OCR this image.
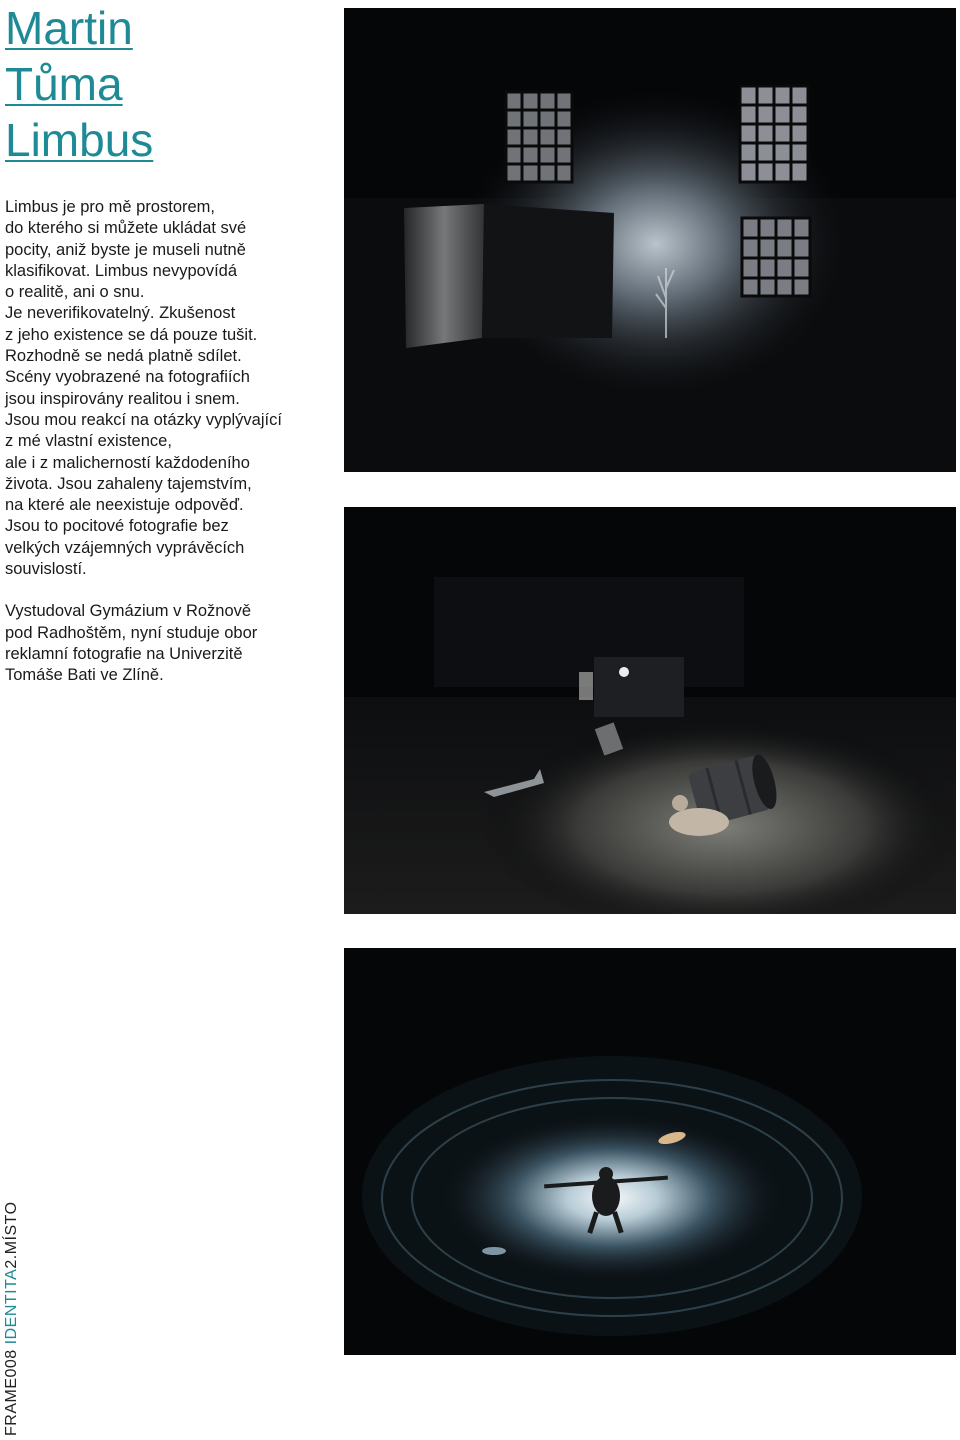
Martin
Tůma
Limbus

Limbus je pro mě prostorem,
do kterého si můžete ukládat své
pocity, aniž byste je museli nutně
klasifikovat. Limbus nevypovídá
o realitě, ani o snu.
Je neverifikovatelný. Zkušenost
z jeho existence se dá pouze tušit.
Rozhodně se nedá platně sdílet.
Scény vyobrazené na fotografiích
jsou inspirovány realitou i snem.
Jsou mou reakcí na otázky vyplývající
z mé vlastní existence,
ale i z malicherností každodeního
života. Jsou zahaleny tajemstvím,
na které ale neexistuje odpověď.
Jsou to pocitové fotografie bez
velkých vzájemných vyprávěcích
souvislostí.

Vystudoval Gymázium v Rožnově
pod Radhoštěm, nyní studuje obor
reklamní fotografie na Univerzitě
Tomáše Bati ve Zlíně.

FRAME008 IDENTITA2.MÍSTO
